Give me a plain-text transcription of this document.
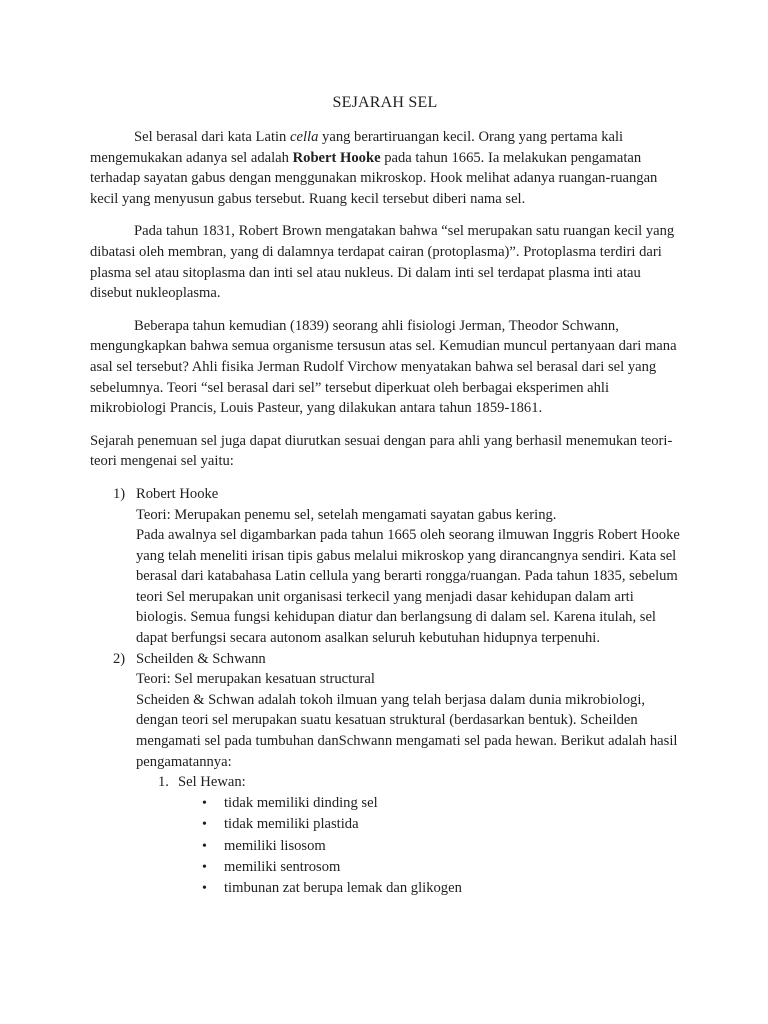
SEJARAH SEL

Sel berasal dari kata Latin cella yang berartiruangan kecil. Orang yang pertama kali mengemukakan adanya sel adalah Robert Hooke pada tahun 1665. Ia melakukan pengamatan terhadap sayatan gabus dengan menggunakan mikroskop. Hook melihat adanya ruangan-ruangan kecil yang menyusun gabus tersebut. Ruang kecil tersebut diberi nama sel.

Pada tahun 1831, Robert Brown mengatakan bahwa “sel merupakan satu ruangan kecil yang dibatasi oleh membran, yang di dalamnya terdapat cairan (protoplasma)”. Protoplasma terdiri dari plasma sel atau sitoplasma dan inti sel atau nukleus. Di dalam inti sel terdapat plasma inti atau disebut nukleoplasma.

Beberapa tahun kemudian (1839) seorang ahli fisiologi Jerman, Theodor Schwann, mengungkapkan bahwa semua organisme tersusun atas sel. Kemudian muncul pertanyaan dari mana asal sel tersebut? Ahli fisika Jerman Rudolf Virchow menyatakan bahwa sel berasal dari sel yang sebelumnya. Teori “sel berasal dari sel” tersebut diperkuat oleh berbagai eksperimen ahli mikrobiologi Prancis, Louis Pasteur, yang dilakukan antara tahun 1859-1861.

Sejarah penemuan sel juga dapat diurutkan sesuai dengan para ahli yang berhasil menemukan teori-teori mengenai sel yaitu:

1) Robert Hooke
Teori: Merupakan penemu sel, setelah mengamati sayatan gabus kering.
Pada awalnya sel digambarkan pada tahun 1665 oleh seorang ilmuwan Inggris Robert Hooke yang telah meneliti irisan tipis gabus melalui mikroskop yang dirancangnya sendiri. Kata sel berasal dari katabahasa Latin cellula yang berarti rongga/ruangan. Pada tahun 1835, sebelum teori Sel merupakan unit organisasi terkecil yang menjadi dasar kehidupan dalam arti biologis. Semua fungsi kehidupan diatur dan berlangsung di dalam sel. Karena itulah, sel dapat berfungsi secara autonom asalkan seluruh kebutuhan hidupnya terpenuhi.
2) Scheilden & Schwann
Teori: Sel merupakan kesatuan structural
Scheiden & Schwan adalah tokoh ilmuan yang telah berjasa dalam dunia mikrobiologi, dengan teori sel merupakan suatu kesatuan struktural (berdasarkan bentuk). Scheilden mengamati sel pada tumbuhan danSchwann mengamati sel pada hewan. Berikut adalah hasil pengamatannya:
1. Sel Hewan:
• tidak memiliki dinding sel
• tidak memiliki plastida
• memiliki lisosom
• memiliki sentrosom
• timbunan zat berupa lemak dan glikogen
